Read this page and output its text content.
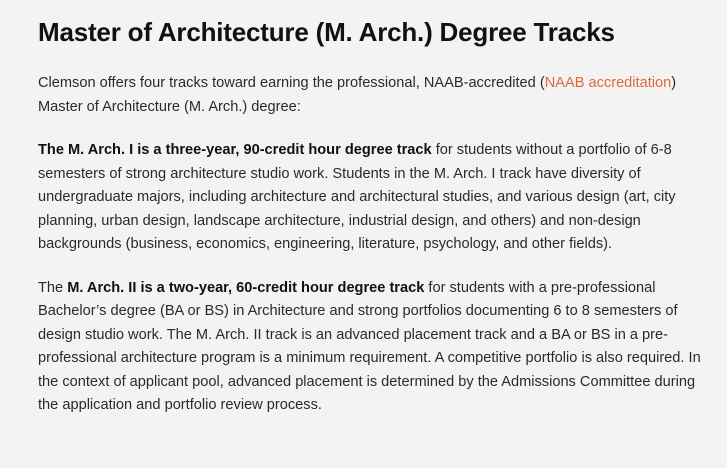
Master of Architecture (M. Arch.) Degree Tracks

Clemson offers four tracks toward earning the professional, NAAB-accredited (NAAB accreditation) Master of Architecture (M. Arch.) degree:

The M. Arch. I is a three-year, 90-credit hour degree track for students without a portfolio of 6-8 semesters of strong architecture studio work. Students in the M. Arch. I track have diversity of undergraduate majors, including architecture and architectural studies, and various design (art, city planning, urban design, landscape architecture, industrial design, and others) and non-design backgrounds (business, economics, engineering, literature, psychology, and other fields).

The M. Arch. II is a two-year, 60-credit hour degree track for students with a pre-professional Bachelor’s degree (BA or BS) in Architecture and strong portfolios documenting 6 to 8 semesters of design studio work. The M. Arch. II track is an advanced placement track and a BA or BS in a pre-professional architecture program is a minimum requirement. A competitive portfolio is also required. In the context of applicant pool, advanced placement is determined by the Admissions Committee during the application and portfolio review process.
